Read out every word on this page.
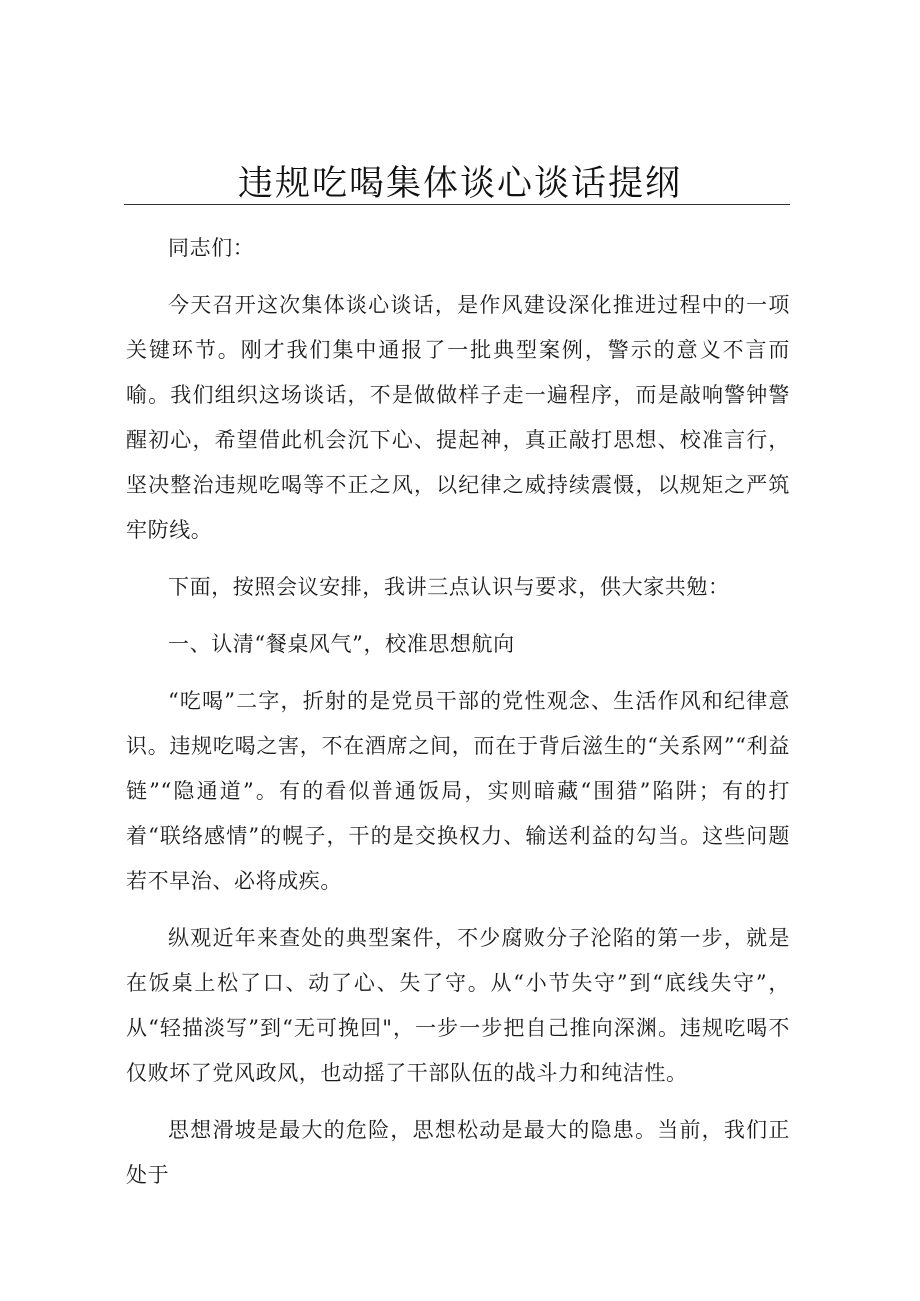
违规吃喝集体谈心谈话提纲

同志们：

今天召开这次集体谈心谈话，是作风建设深化推进过程中的一项关键环节。刚才我们集中通报了一批典型案例，警示的意义不言而喻。我们组织这场谈话，不是做做样子走一遍程序，而是敲响警钟警醒初心，希望借此机会沉下心、提起神，真正敲打思想、校准言行，坚决整治违规吃喝等不正之风，以纪律之威持续震慑，以规矩之严筑牢防线。

下面，按照会议安排，我讲三点认识与要求，供大家共勉：

一、认清“餐桌风气”，校准思想航向

“吃喝”二字，折射的是党员干部的党性观念、生活作风和纪律意识。违规吃喝之害，不在酒席之间，而在于背后滋生的“关系网”“利益链”“隐通道”。有的看似普通饭局，实则暗藏“围猎”陷阱；有的打着“联络感情”的幌子，干的是交换权力、输送利益的勾当。这些问题若不早治、必将成疾。

纵观近年来查处的典型案件，不少腐败分子沦陷的第一步，就是在饭桌上松了口、动了心、失了守。从“小节失守”到“底线失守”，从“轻描淡写”到“无可挽回"，一步一步把自己推向深渊。违规吃喝不仅败坏了党风政风，也动摇了干部队伍的战斗力和纯洁性。

思想滑坡是最大的危险，思想松动是最大的隐患。当前，我们正处于
